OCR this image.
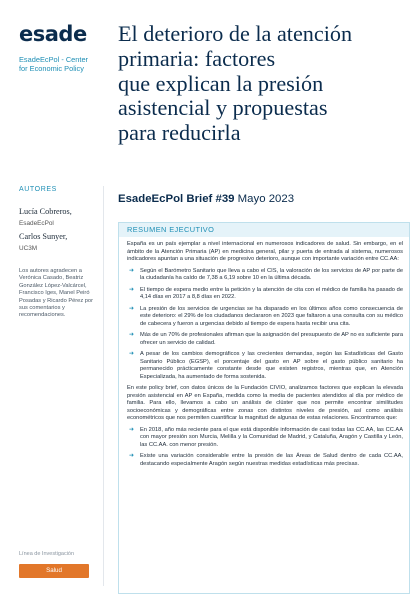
esade
EsadeEcPol - Center
for Economic Policy
AUTORES
Lucía Cobreros,
EsadeEcPol
Carlos Sunyer,
UC3M
Los autores agradecen a Verónica Casado, Beatriz González López-Valcárcel, Francisco Iges, Manel Peiró Posadas y Ricardo Pérez por sus comentarios y recomendaciones.
Línea de Investigación
Salud
El deterioro de la atención
primaria: factores
que explican la presión
asistencial y propuestas
para reducirla
EsadeEcPol Brief #39 Mayo 2023
RESUMEN EJECUTIVO

España es un país ejemplar a nivel internacional en numerosos indicadores de salud. Sin embargo, en el ámbito de la Atención Primaria (AP) en medicina general, pilar y puerta de entrada al sistema, numerosos indicadores apuntan a una situación de progresivo deterioro, aunque con importante variación entre CC.AA:

➜ Según el Barómetro Sanitario que lleva a cabo el CIS, la valoración de los servicios de AP por parte de la ciudadanía ha caído de 7,38 a 6,19 sobre 10 en la última década.
➜ El tiempo de espera medio entre la petición y la atención de cita con el médico de familia ha pasado de 4,14 días en 2017 a 8,8 días en 2022.
➜ La presión de los servicios de urgencias se ha disparado en los últimos años como consecuencia de este deterioro: el 29% de los ciudadanos declararon en 2023 que faltaron a una consulta con su médico de cabecera y fueron a urgencias debido al tiempo de espera hasta recibir una cita.
➜ Más de un 70% de profesionales afirman que la asignación del presupuesto de AP no es suficiente para ofrecer un servicio de calidad.
➜ A pesar de los cambios demográficos y las crecientes demandas, según las Estadísticas del Gasto Sanitario Público (EGSP), el porcentaje del gasto en AP sobre el gasto público sanitario ha permanecido prácticamente constante desde que existen registros, mientras que, en Atención Especializada, ha aumentado de forma sostenida.

En este policy brief, con datos únicos de la Fundación CIVIO, analizamos factores que explican la elevada presión asistencial en AP en España, medida como la media de pacientes atendidos al día por médico de familia. Para ello, llevamos a cabo un análisis de clúster que nos permite encontrar similitudes socioeconómicas y demográficas entre zonas con distintos niveles de presión, así como análisis econométricos que nos permiten cuantificar la magnitud de algunas de estas relaciones. Encontramos que:

➜ En 2018, año más reciente para el que está disponible información de casi todas las CC.AA, las CC.AA con mayor presión son Murcia, Melilla y la Comunidad de Madrid, y Cataluña, Aragón y Castilla y León, las CC.AA. con menor presión.
➜ Existe una variación considerable entre la presión de las Áreas de Salud dentro de cada CC.AA, destacando especialmente Aragón según nuestras medidas estadísticas más precisas.
